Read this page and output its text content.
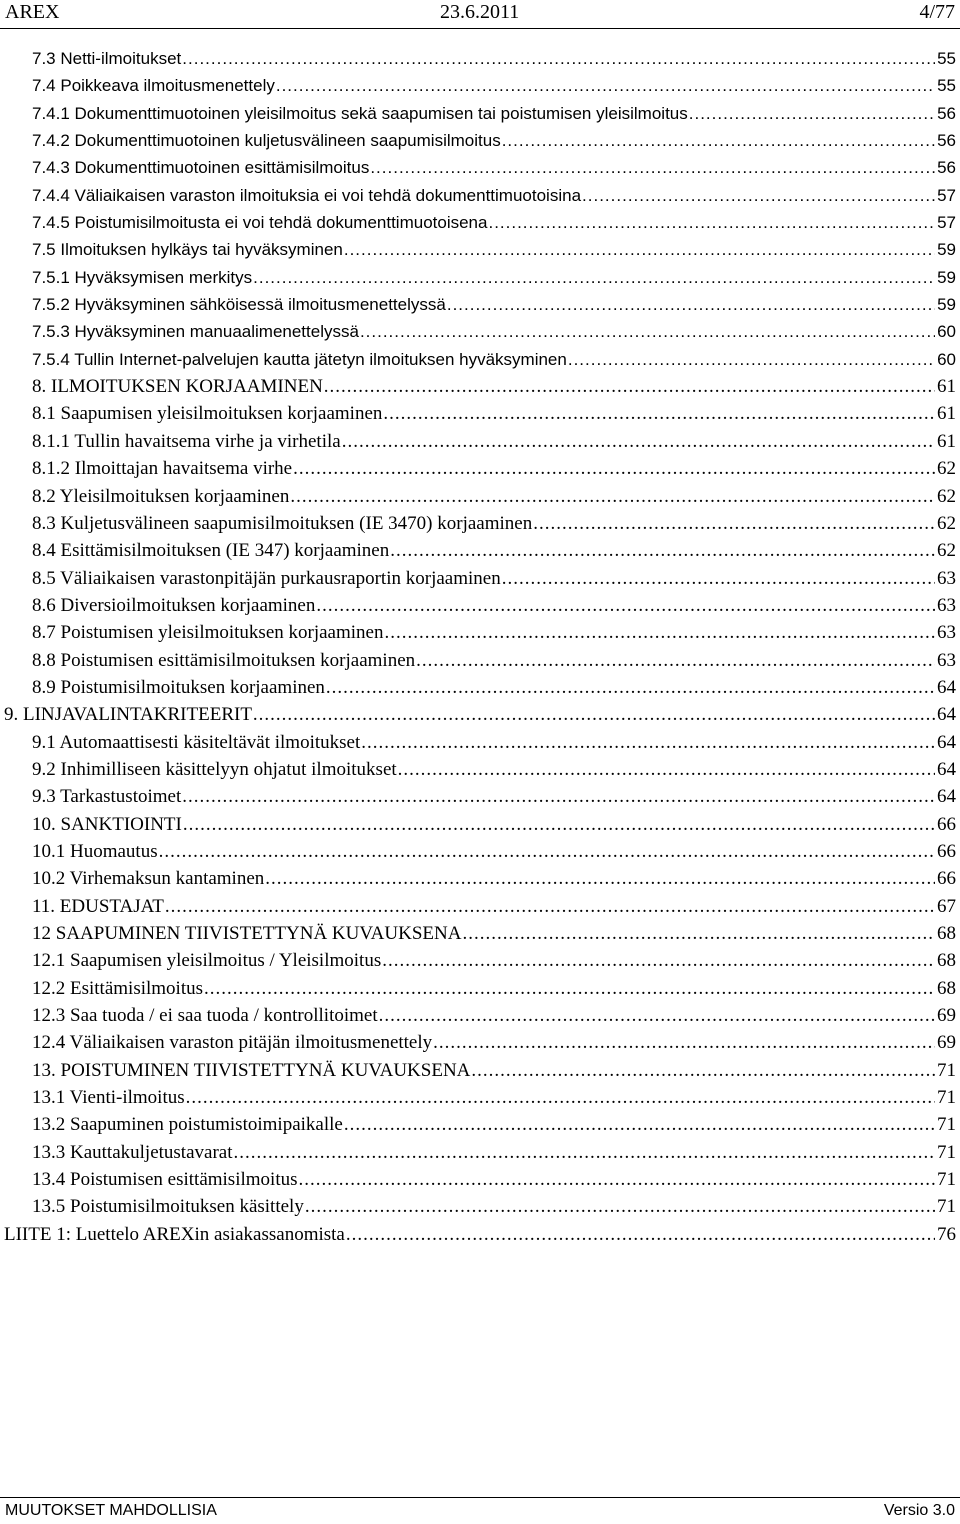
AREX	23.6.2011	4/77
7.3 Netti-ilmoitukset .....	55
7.4 Poikkeava ilmoitusmenettely .....	55
7.4.1 Dokumenttimuotoinen yleisilmoitus sekä saapumisen tai poistumisen yleisilmoitus .....	56
7.4.2 Dokumenttimuotoinen kuljetusvälineen saapumisilmoitus .....	56
7.4.3 Dokumenttimuotoinen esittämisilmoitus .....	56
7.4.4 Väliaikaisen varaston ilmoituksia ei voi tehdä dokumenttimuotoisina .....	57
7.4.5 Poistumisilmoitusta ei voi tehdä dokumenttimuotoisena .....	57
7.5 Ilmoituksen hylkäys tai hyväksyminen .....	59
7.5.1 Hyväksymisen merkitys .....	59
7.5.2 Hyväksyminen sähköisessä ilmoitusmenettelyssä .....	59
7.5.3 Hyväksyminen manuaalimenettelyssä .....	60
7.5.4 Tullin Internet-palvelujen kautta jätetyn ilmoituksen hyväksyminen .....	60
8. ILMOITUKSEN KORJAAMINEN .....	61
8.1 Saapumisen yleisilmoituksen korjaaminen .....	61
8.1.1 Tullin havaitsema virhe ja virhetila .....	61
8.1.2 Ilmoittajan havaitsema virhe .....	62
8.2 Yleisilmoituksen korjaaminen .....	62
8.3 Kuljetusvälineen saapumisilmoituksen (IE 3470) korjaaminen .....	62
8.4 Esittämisilmoituksen (IE 347) korjaaminen .....	62
8.5 Väliaikaisen varastonpitäjän purkausraportin korjaaminen .....	63
8.6 Diversioilmoituksen korjaaminen .....	63
8.7 Poistumisen yleisilmoituksen korjaaminen .....	63
8.8 Poistumisen esittämisilmoituksen korjaaminen .....	63
8.9 Poistumisilmoituksen korjaaminen .....	64
9. LINJAVALINTAKRITEERIT .....	64
9.1 Automaattisesti käsiteltävät ilmoitukset .....	64
9.2 Inhimilliseen käsittelyyn ohjatut ilmoitukset .....	64
9.3 Tarkastustoimet .....	64
10. SANKTIOINTI .....	66
10.1 Huomautus .....	66
10.2 Virhemaksun kantaminen .....	66
11. EDUSTAJAT .....	67
12 SAAPUMINEN TIIVISTETTYNÄ KUVAUKSENA .....	68
12.1 Saapumisen yleisilmoitus / Yleisilmoitus .....	68
12.2 Esittämisilmoitus .....	68
12.3 Saa tuoda / ei saa tuoda / kontrollitoimet .....	69
12.4 Väliaikaisen varaston pitäjän ilmoitusmenettely .....	69
13. POISTUMINEN TIIVISTETTYNÄ KUVAUKSENA .....	71
13.1 Vienti-ilmoitus .....	71
13.2 Saapuminen poistumistoimipaikalle .....	71
13.3 Kauttakuljetustavarat .....	71
13.4 Poistumisen esittämisilmoitus .....	71
13.5 Poistumisilmoituksen käsittely .....	71
LIITE 1: Luettelo AREXin asiakassanomista .....	76
MUUTOKSET MAHDOLLISIA	Versio 3.0
